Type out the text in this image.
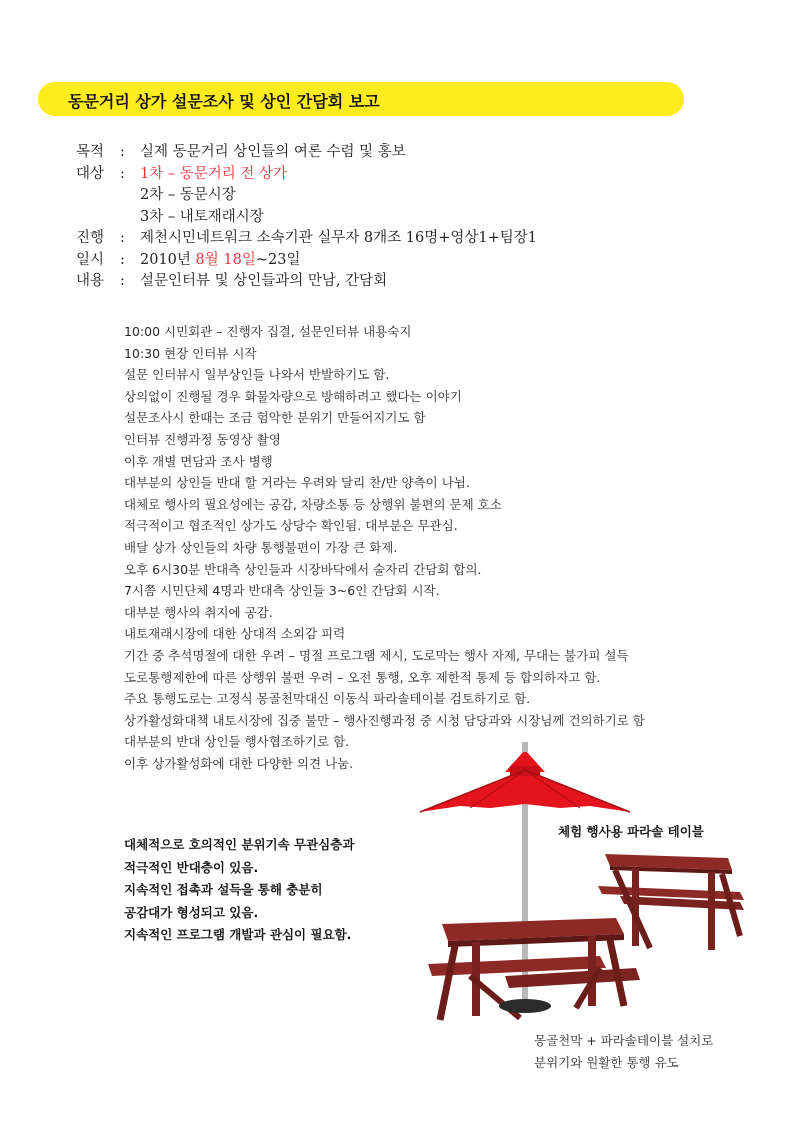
동문거리 상가 설문조사 및 상인 간담회 보고
목적	:	실제 동문거리 상인들의 여론 수렴 및 홍보
대상	:	1차 – 동문거리 전 상가
2차 – 동문시장
3차 – 내토재래시장
진행	:	제천시민네트워크 소속기관 실무자 8개조 16명+영상1+팀장1
일시	:	2010년 8월 18일 ~23일
내용	:	설문인터뷰 및 상인들과의 만남, 간담회
10:00 시민회관 – 진행자 집결, 설문인터뷰 내용숙지
10:30 현장 인터뷰 시작
설문 인터뷰시 일부상인들 나와서 반발하기도 함.
상의없이 진행될 경우 화물차량으로 방해하려고 했다는 이야기
설문조사시 한때는 조금 험악한 분위기 만들어지기도 함
인터뷰 진행과정 동영상 촬영
이후 개별 면담과 조사 병행
대부분의 상인들 반대 할 거라는 우려와 달리 찬/반 양측이 나뉨.
대체로 행사의 필요성에는 공감, 차량소통 등 상행위 불편의 문제 호소
적극적이고 협조적인 상가도 상당수 확인됨. 대부분은 무관심.
배달 상가 상인들의 차량 통행불편이 가장 큰 화제.
오후 6시30분 반대측 상인들과 시장바닥에서 술자리 간담회 합의.
7시쯤 시민단체 4명과 반대측 상인들 3~6인 간담회 시작.
대부분 행사의 취지에 공감.
내토재래시장에 대한 상대적 소외감 피력
기간 중 추석명절에 대한 우려 – 명절 프로그램 제시, 도로막는 행사 자제, 무대는 불가피 설득
도로통행제한에 따른 상행위 불편 우려 – 오전 통행, 오후 제한적 통제 등 합의하자고 함.
주요 통행도로는 고정식 몽골천막대신 이동식 파라솔테이블 검토하기로 함.
상가활성화대책 내토시장에 집중 불만 – 행사진행과정 중 시청 담당과와 시장님께 건의하기로 함
대부분의 반대 상인들 행사협조하기로 함.
이후 상가활성화에 대한 다양한 의견 나눔.
대체적으로 호의적인 분위기속 무관심층과
적극적인 반대층이 있음.
지속적인 접촉과 설득을 통해 충분히
공감대가 형성되고 있음.
지속적인 프로그램 개발과 관심이 필요함.
체험 행사용 파라솔 테이블
몽골천막 + 파라솔테이블 설치로
분위기와 원활한 통행 유도
